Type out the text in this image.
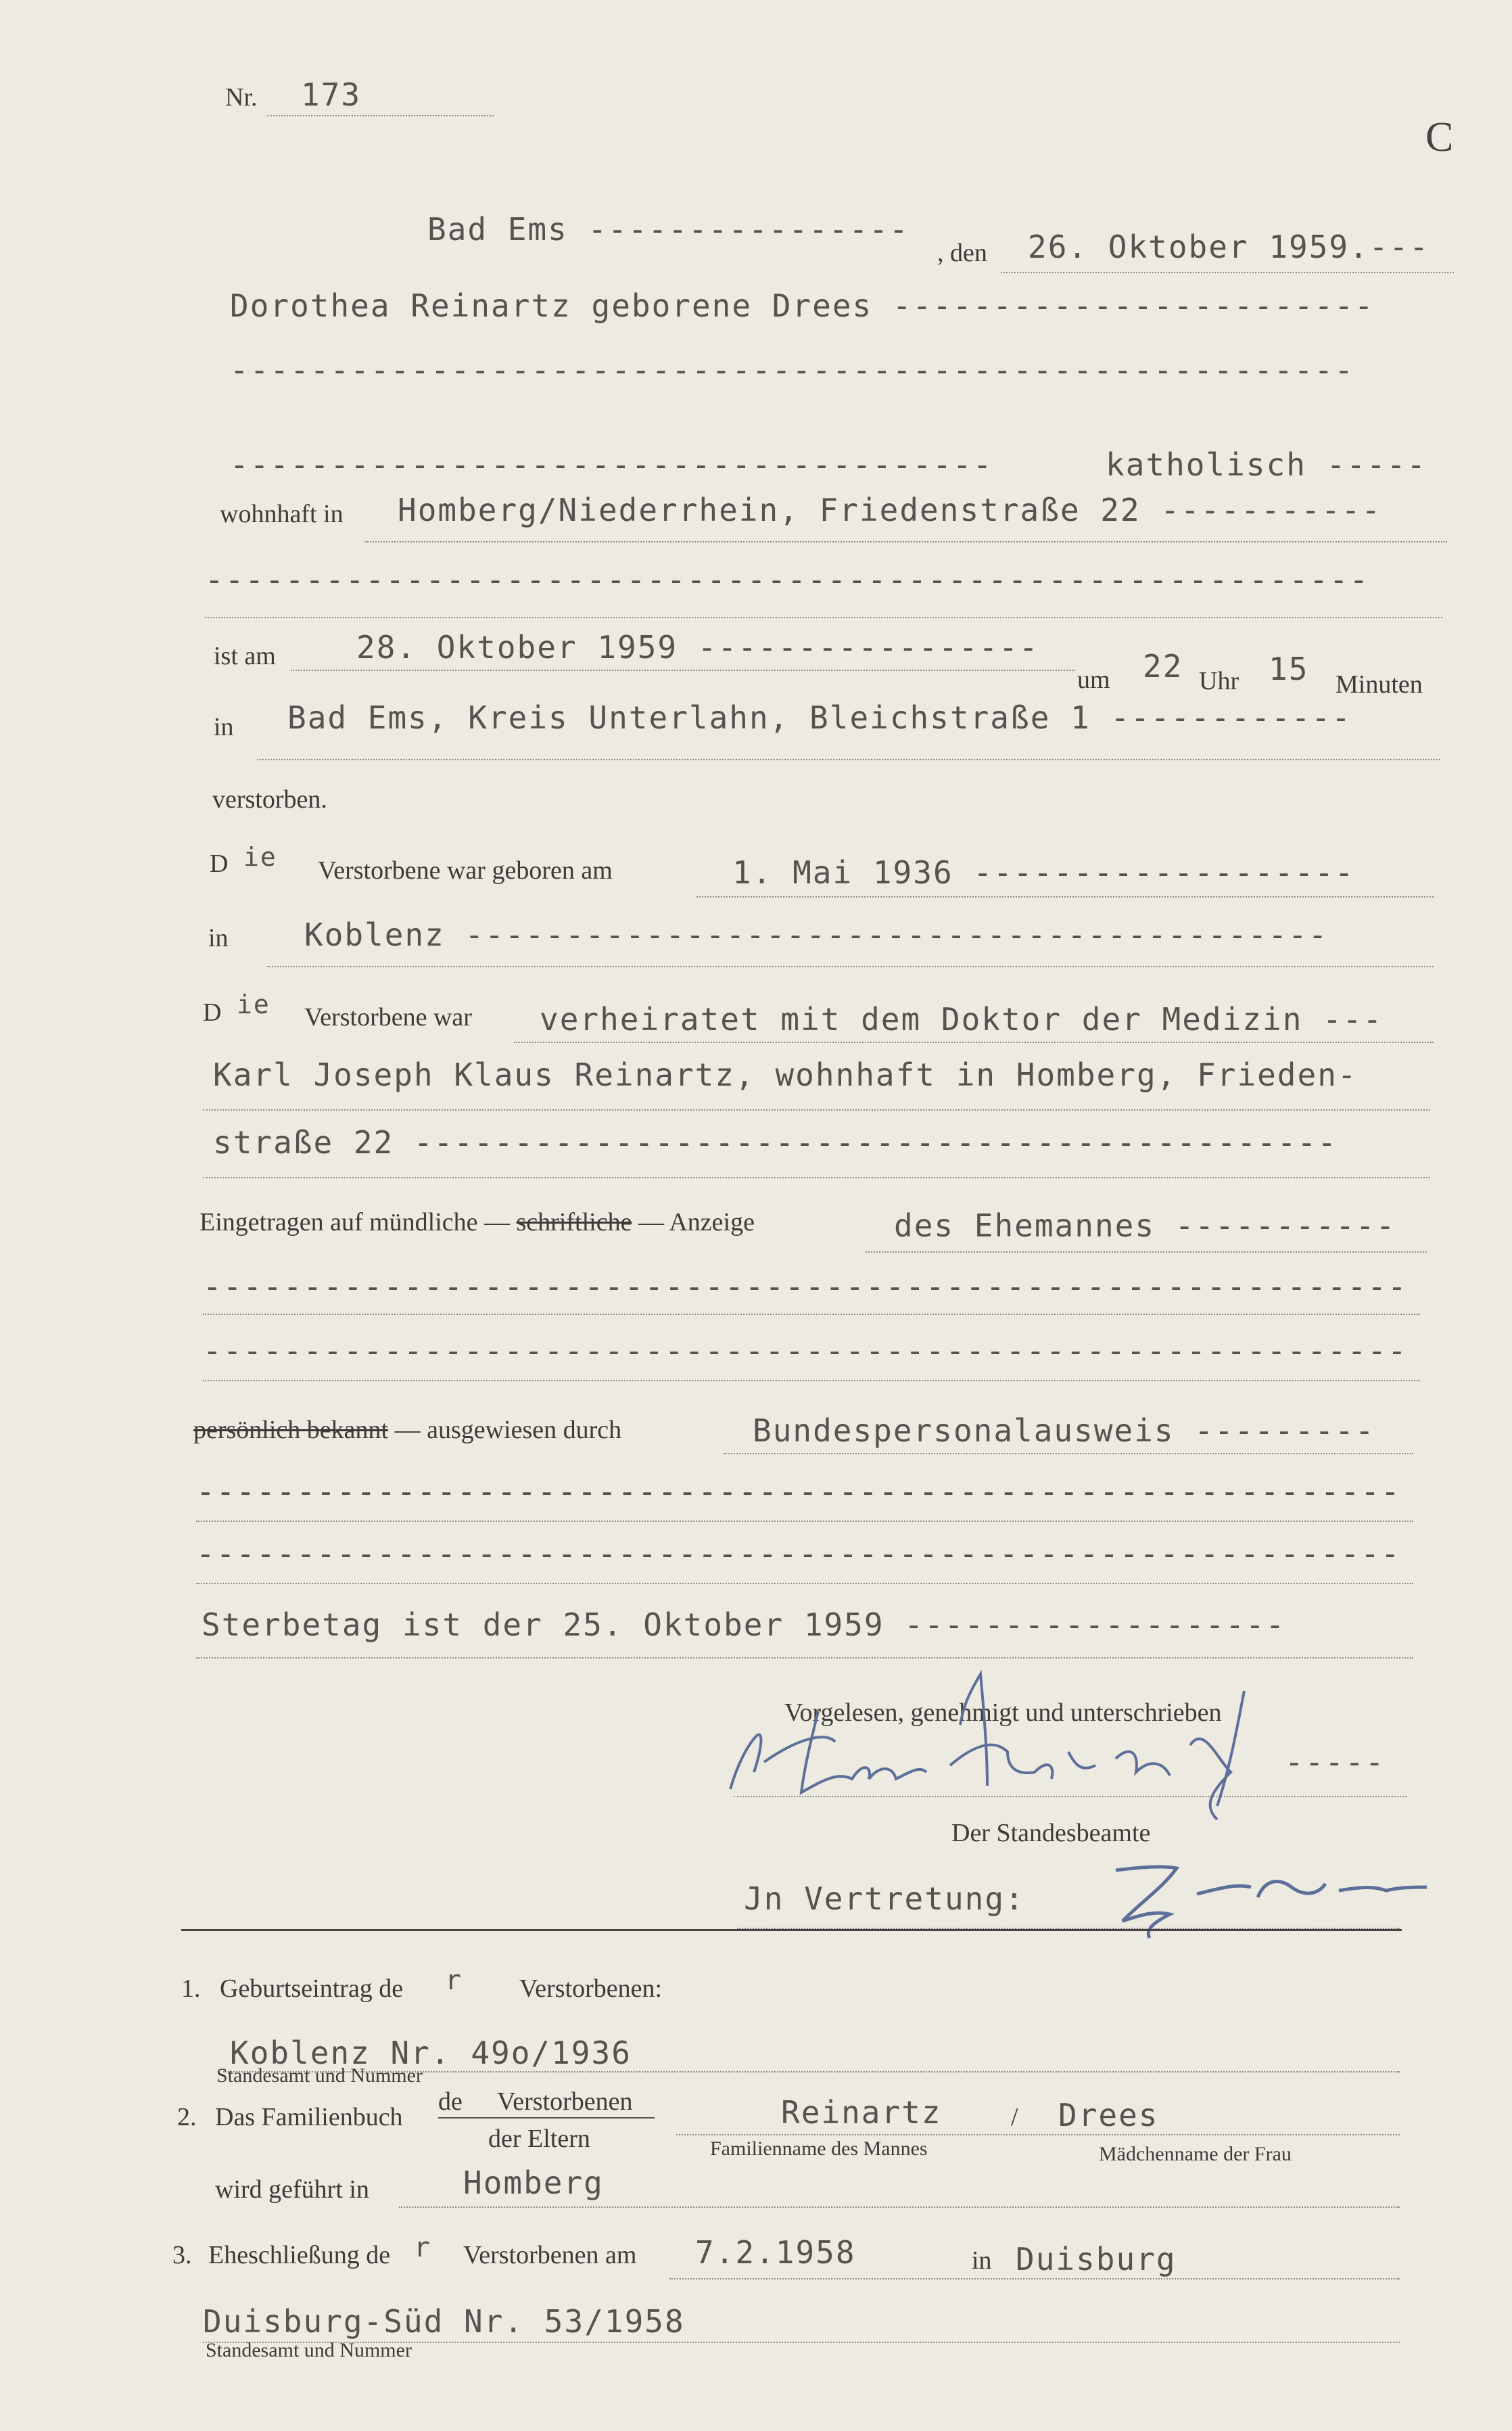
Nr. 173
C
Bad Ems ----------------
, den 26. Oktober 1959.---
Dorothea Reinartz geborene Drees ------------------------
--------------------------------------------------------
--------------------------------------	katholisch -----
wohnhaft in Homberg/Niederrhein, Friedenstraße 22 -----------
----------------------------------------------------------
ist am	28. Oktober 1959 -----------------
um 22 Uhr 15 Minuten
in Bad Ems, Kreis Unterlahn, Bleichstraße 1 ------------
verstorben.
D ie Verstorbene war geboren am	1. Mai 1936 -------------------
in Koblenz -------------------------------------------
D ie Verstorbene war verheiratet mit dem Doktor der Medizin ---
Karl Joseph Klaus Reinartz, wohnhaft in Homberg, Frieden-
straße 22 ----------------------------------------------
Eingetragen auf mündliche — schriftliche — Anzeige	des Ehemannes -----------
------------------------------------------------------------
------------------------------------------------------------
persönlich bekannt — ausgewiesen durch	Bundespersonalausweis ---------
------------------------------------------------------------
------------------------------------------------------------
Sterbetag ist der 25. Oktober 1959 -------------------
Vorgelesen, genehmigt und unterschrieben
-----
Der Standesbeamte
Jn Vertretung:
1. Geburtseintrag de r Verstorbenen:
Koblenz Nr. 49o/1936
Standesamt und Nummer
2. Das Familienbuch
de Verstorbenen
der Eltern
Reinartz	/ Drees
Familienname des Mannes	Mädchenname der Frau
wird geführt in	Homberg
3. Eheschließung de r Verstorbenen am 7.2.1958	in Duisburg
Duisburg-Süd Nr. 53/1958
Standesamt und Nummer
